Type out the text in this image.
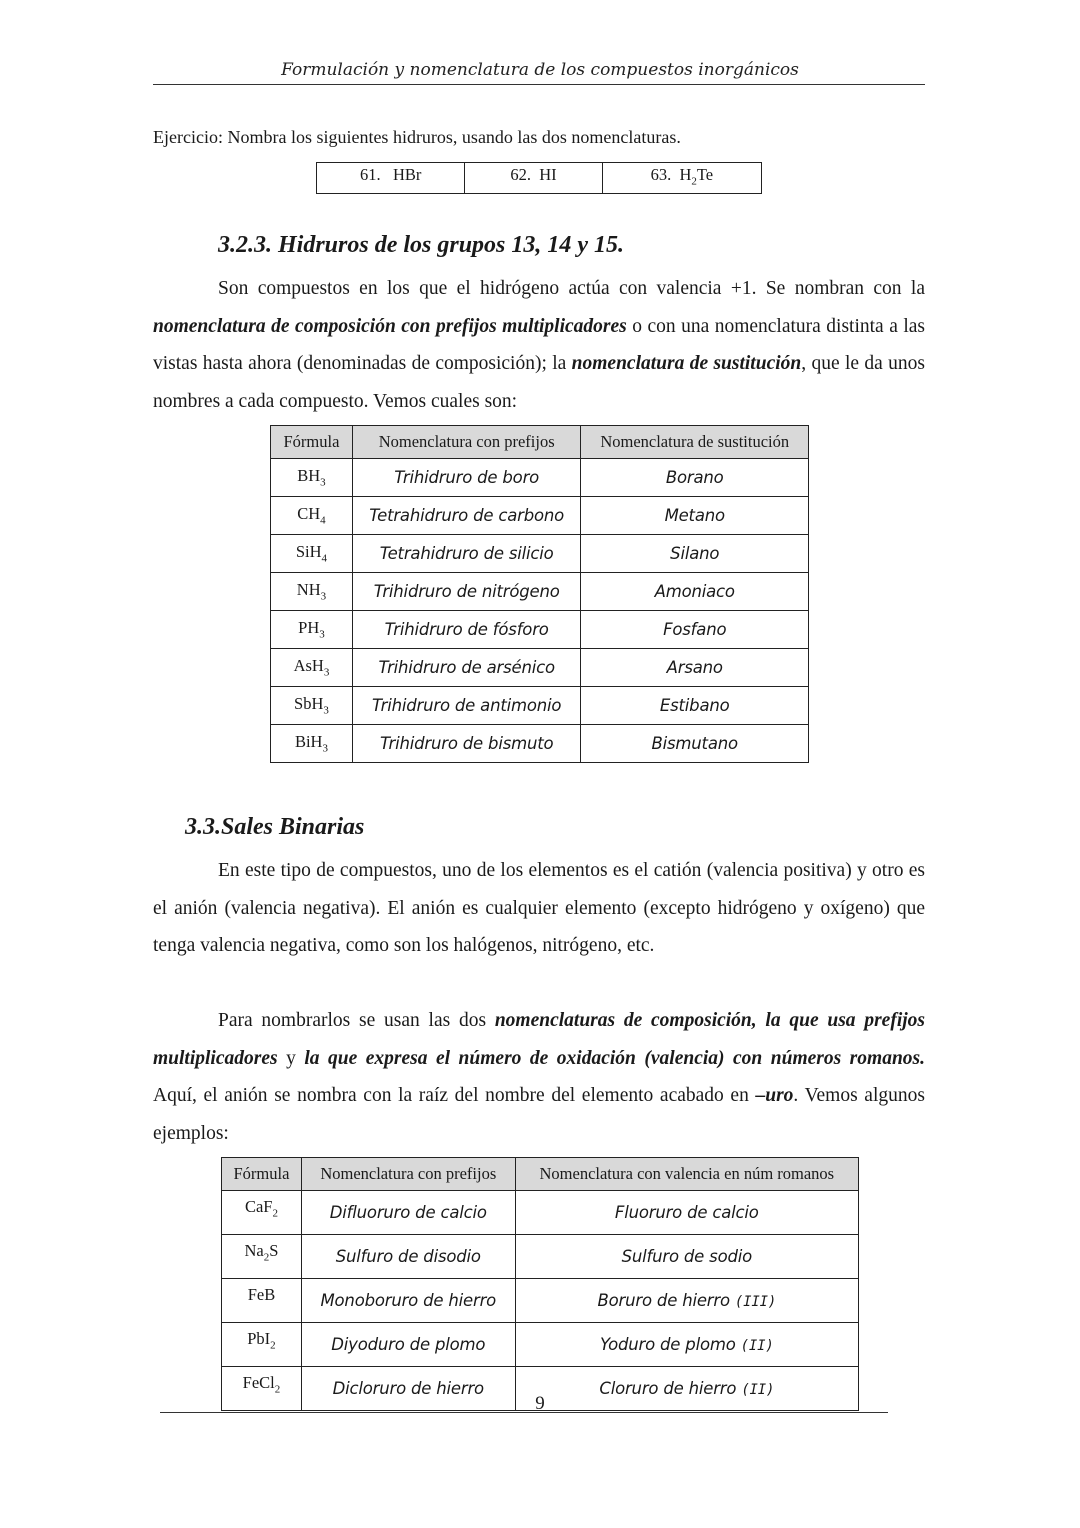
Formulación y nomenclatura de los compuestos inorgánicos
Ejercicio: Nombra los siguientes hidruros, usando las dos nomenclaturas.
61. HBr	62. HI	63. $H_2Te$
3.2.3. Hidruros de los grupos 13, 14 y 15.
Son compuestos en los que el hidrógeno actúa con valencia +1. Se nombran con la nomenclatura de composición con prefijos multiplicadores o con una nomenclatura distinta a las vistas hasta ahora (denominadas de composición); la nomenclatura de sustitución, que le da unos nombres a cada compuesto. Vemos cuales son:
Fórmula	Nomenclatura con prefijos	Nomenclatura de sustitución
$BH_3$	Trihidruro de boro	Borano
$CH_4$	Tetrahidruro de carbono	Metano
SiH$_4$	Tetrahidruro de silicio	Silano
$NH_3$	Trihidruro de nitrógeno	Amoniaco
$PH_3$	Trihidruro de fósforo	Fosfano
AsH$_3$	Trihidruro de arsénico	Arsano
SbH$_3$	Trihidruro de antimonio	Estibano
BiH$_3$	Trihidruro de bismuto	Bismutano
3.3.Sales Binarias
En este tipo de compuestos, uno de los elementos es el catión (valencia positiva) y otro es el anión (valencia negativa). El anión es cualquier elemento (excepto hidrógeno y oxígeno) que tenga valencia negativa, como son los halógenos, nitrógeno, etc.
Para nombrarlos se usan las dos nomenclaturas de composición, la que usa prefijos multiplicadores y la que expresa el número de oxidación (valencia) con números romanos. Aquí, el anión se nombra con la raíz del nombre del elemento acabado en –uro. Vemos algunos ejemplos:
Fórmula	Nomenclatura con prefijos	Nomenclatura con valencia en núm romanos
CaF$_2$	Difluoruro de calcio	Fluoruro de calcio
$Na_2S$	Sulfuro de disodio	Sulfuro de sodio
FeB	Monoboruro de hierro	Boruro de hierro (III)
PbI$_2$	Diyoduro de plomo	Yoduro de plomo (II)
FeCl$_2$	Dicloruro de hierro	Cloruro de hierro (II)
9
